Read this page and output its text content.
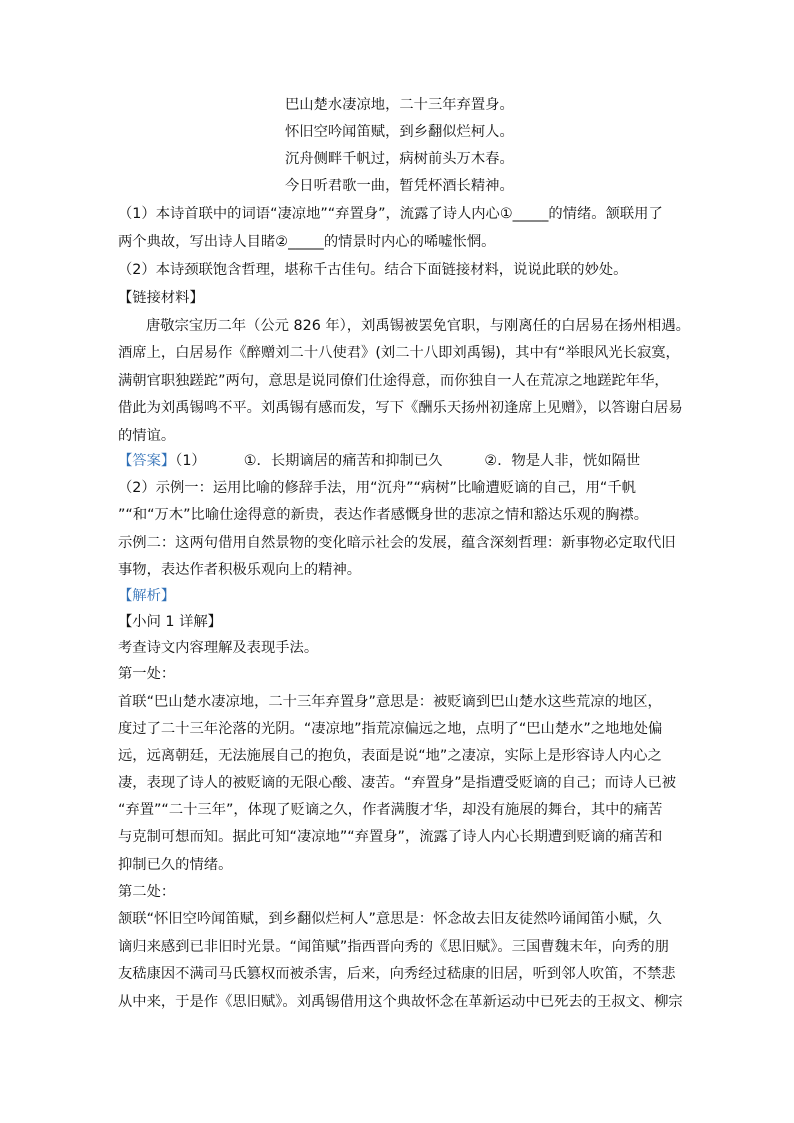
巴山楚水凄凉地，二十三年弃置身。
怀旧空吟闻笛赋，到乡翻似烂柯人。
沉舟侧畔千帆过，病树前头万木春。
今日听君歌一曲，暂凭杯酒长精神。
（1）本诗首联中的词语“凄凉地”“弃置身”，流露了诗人内心①_____的情绪。颔联用了
两个典故，写出诗人目睹②_____的情景时内心的唏嘘怅惘。
（2）本诗颈联饱含哲理，堪称千古佳句。结合下面链接材料，说说此联的妙处。
【链接材料】
唐敬宗宝历二年（公元 826 年），刘禹锡被罢免官职，与刚离任的白居易在扬州相遇。
酒席上，白居易作《醉赠刘二十八使君》(刘二十八即刘禹锡)，其中有“举眼风光长寂寞，
满朝官职独蹉跎”两句，意思是说同僚们仕途得意，而你独自一人在荒凉之地蹉跎年华，
借此为刘禹锡鸣不平。刘禹锡有感而发，写下《酬乐天扬州初逢席上见赠》，以答谢白居易
的情谊。
【答案】（1）	①．长期谪居的痛苦和抑制已久	②．物是人非，恍如隔世
（2）示例一：运用比喻的修辞手法，用“沉舟”“病树”比喻遭贬谪的自己，用“千帆
”“和“万木”比喻仕途得意的新贵，表达作者感慨身世的悲凉之情和豁达乐观的胸襟。
示例二：这两句借用自然景物的变化暗示社会的发展，蕴含深刻哲理：新事物必定取代旧
事物，表达作者积极乐观向上的精神。
【解析】
【小问 1 详解】
考查诗文内容理解及表现手法。
第一处：
首联“巴山楚水凄凉地，二十三年弃置身”意思是：被贬谪到巴山楚水这些荒凉的地区，
度过了二十三年沦落的光阴。“凄凉地”指荒凉偏远之地，点明了“巴山楚水”之地地处偏
远，远离朝廷，无法施展自己的抱负，表面是说“地”之凄凉，实际上是形容诗人内心之
凄，表现了诗人的被贬谪的无限心酸、凄苦。“弃置身”是指遭受贬谪的自己；而诗人已被
“弃置”“二十三年”，体现了贬谪之久，作者满腹才华，却没有施展的舞台，其中的痛苦
与克制可想而知。据此可知“凄凉地”“弃置身”，流露了诗人内心长期遭到贬谪的痛苦和
抑制已久的情绪。
第二处：
颔联“怀旧空吟闻笛赋，到乡翻似烂柯人”意思是：怀念故去旧友徒然吟诵闻笛小赋，久
谪归来感到已非旧时光景。“闻笛赋”指西晋向秀的《思旧赋》。三国曹魏末年，向秀的朋
友嵇康因不满司马氏篡权而被杀害，后来，向秀经过嵇康的旧居，听到邻人吹笛，不禁悲
从中来，于是作《思旧赋》。刘禹锡借用这个典故怀念在革新运动中已死去的王叔文、柳宗
